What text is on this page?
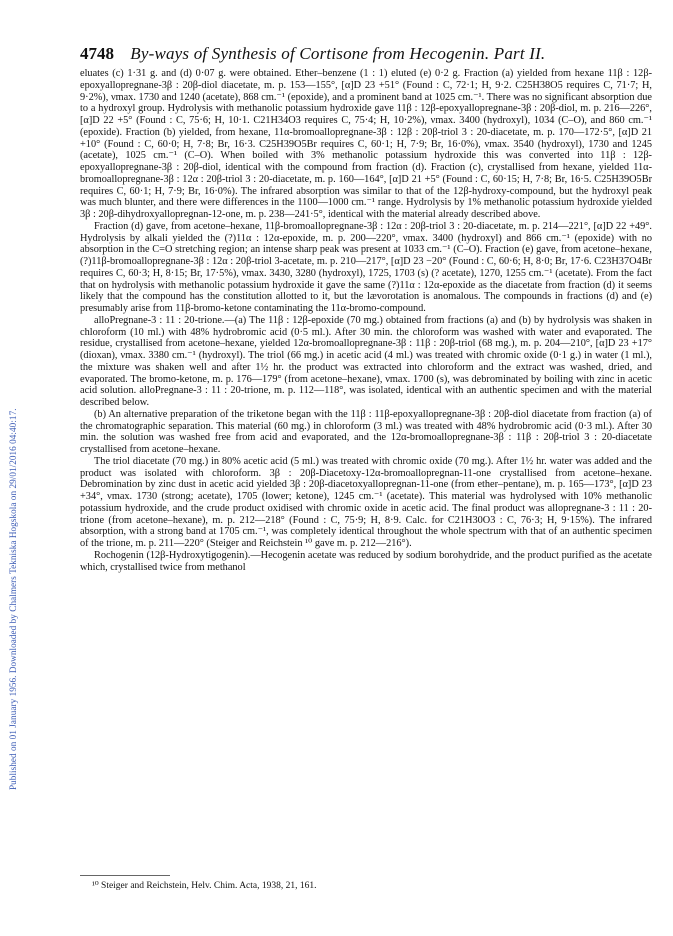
Published on 01 January 1956. Downloaded by Chalmers Tekniska Hogskola on 29/01/2016 04:40:17.
4748 By-ways of Synthesis of Cortisone from Hecogenin. Part II.

eluates (c) 1·31 g. and (d) 0·07 g. were obtained. Ether–benzene (1 : 1) eluted (e) 0·2 g. Fraction (a) yielded from hexane 11β : 12β-epoxyallopregnane-3β : 20β-diol diacetate, m. p. 153—155°, [α]D 23 +51° (Found : C, 72·1; H, 9·2. C25H38O5 requires C, 71·7; H, 9·2%), νmax. 1730 and 1240 (acetate), 868 cm.⁻¹ (epoxide), and a prominent band at 1025 cm.⁻¹. There was no significant absorption due to a hydroxyl group. Hydrolysis with methanolic potassium hydroxide gave 11β : 12β-epoxyallopregnane-3β : 20β-diol, m. p. 216—226°, [α]D 22 +5° (Found : C, 75·6; H, 10·1. C21H34O3 requires C, 75·4; H, 10·2%), νmax. 3400 (hydroxyl), 1034 (C–O), and 860 cm.⁻¹ (epoxide). Fraction (b) yielded, from hexane, 11α-bromoallopregnane-3β : 12β : 20β-triol 3 : 20-diacetate, m. p. 170—172·5°, [α]D 21 +10° (Found : C, 60·0; H, 7·8; Br, 16·3. C25H39O5Br requires C, 60·1; H, 7·9; Br, 16·0%), νmax. 3540 (hydroxyl), 1730 and 1245 (acetate), 1025 cm.⁻¹ (C–O). When boiled with 3% methanolic potassium hydroxide this was converted into 11β : 12β-epoxyallopregnane-3β : 20β-diol, identical with the compound from fraction (d). Fraction (c), crystallised from hexane, yielded 11α-bromoallopregnane-3β : 12α : 20β-triol 3 : 20-diacetate, m. p. 160—164°, [α]D 21 +5° (Found : C, 60·15; H, 7·8; Br, 16·5. C25H39O5Br requires C, 60·1; H, 7·9; Br, 16·0%). The infrared absorption was similar to that of the 12β-hydroxy-compound, but the hydroxyl peak was much blunter, and there were differences in the 1100—1000 cm.⁻¹ range. Hydrolysis by 1% methanolic potassium hydroxide yielded 3β : 20β-dihydroxyallopregnan-12-one, m. p. 238—241·5°, identical with the material already described above.

Fraction (d) gave, from acetone–hexane, 11β-bromoallopregnane-3β : 12α : 20β-triol 3 : 20-diacetate, m. p. 214—221°, [α]D 22 +49°. Hydrolysis by alkali yielded the (?)11α : 12α-epoxide, m. p. 200—220°, νmax. 3400 (hydroxyl) and 866 cm.⁻¹ (epoxide) with no absorption in the C=O stretching region; an intense sharp peak was present at 1033 cm.⁻¹ (C–O). Fraction (e) gave, from acetone–hexane, (?)11β-bromoallopregnane-3β : 12α : 20β-triol 3-acetate, m. p. 210—217°, [α]D 23 −20° (Found : C, 60·6; H, 8·0; Br, 17·6. C23H37O4Br requires C, 60·3; H, 8·15; Br, 17·5%), νmax. 3430, 3280 (hydroxyl), 1725, 1703 (s) (? acetate), 1270, 1255 cm.⁻¹ (acetate). From the fact that on hydrolysis with methanolic potassium hydroxide it gave the same (?)11α : 12α-epoxide as the diacetate from fraction (d) it seems likely that the compound has the constitution allotted to it, but the lævorotation is anomalous. The compounds in fractions (d) and (e) presumably arise from 11β-bromo-ketone contaminating the 11α-bromo-compound.

alloPregnane-3 : 11 : 20-trione.—(a) The 11β : 12β-epoxide (70 mg.) obtained from fractions (a) and (b) by hydrolysis was shaken in chloroform (10 ml.) with 48% hydrobromic acid (0·5 ml.). After 30 min. the chloroform was washed with water and evaporated. The residue, crystallised from acetone–hexane, yielded 12α-bromoallopregnane-3β : 11β : 20β-triol (68 mg.), m. p. 204—210°, [α]D 23 +17° (dioxan), νmax. 3380 cm.⁻¹ (hydroxyl). The triol (66 mg.) in acetic acid (4 ml.) was treated with chromic oxide (0·1 g.) in water (1 ml.), the mixture was shaken well and after 1½ hr. the product was extracted into chloroform and the extract was washed, dried, and evaporated. The bromo-ketone, m. p. 176—179° (from acetone–hexane), νmax. 1700 (s), was debrominated by boiling with zinc in acetic acid solution. alloPregnane-3 : 11 : 20-trione, m. p. 112—118°, was isolated, identical with an authentic specimen and with the material described below.

(b) An alternative preparation of the triketone began with the 11β : 11β-epoxyallopregnane-3β : 20β-diol diacetate from fraction (a) of the chromatographic separation. This material (60 mg.) in chloroform (3 ml.) was treated with 48% hydrobromic acid (0·3 ml.). After 30 min. the solution was washed free from acid and evaporated, and the 12α-bromoallopregnane-3β : 11β : 20β-triol 3 : 20-diacetate crystallised from acetone–hexane.

The triol diacetate (70 mg.) in 80% acetic acid (5 ml.) was treated with chromic oxide (70 mg.). After 1½ hr. water was added and the product was isolated with chloroform. 3β : 20β-Diacetoxy-12α-bromoallopregnan-11-one crystallised from acetone–hexane. Debromination by zinc dust in acetic acid yielded 3β : 20β-diacetoxyallopregnan-11-one (from ether–pentane), m. p. 165—173°, [α]D 23 +34°, νmax. 1730 (strong; acetate), 1705 (lower; ketone), 1245 cm.⁻¹ (acetate). This material was hydrolysed with 10% methanolic potassium hydroxide, and the crude product oxidised with chromic oxide in acetic acid. The final product was allopregnane-3 : 11 : 20-trione (from acetone–hexane), m. p. 212—218° (Found : C, 75·9; H, 8·9. Calc. for C21H30O3 : C, 76·3; H, 9·15%). The infrared absorption, with a strong band at 1705 cm.⁻¹, was completely identical throughout the whole spectrum with that of an authentic specimen of the trione, m. p. 211—220° (Steiger and Reichstein ¹⁰ gave m. p. 212—216°).

Rochogenin (12β-Hydroxytigogenin).—Hecogenin acetate was reduced by sodium borohydride, and the product purified as the acetate which, crystallised twice from methanol

¹⁰ Steiger and Reichstein, Helv. Chim. Acta, 1938, 21, 161.
